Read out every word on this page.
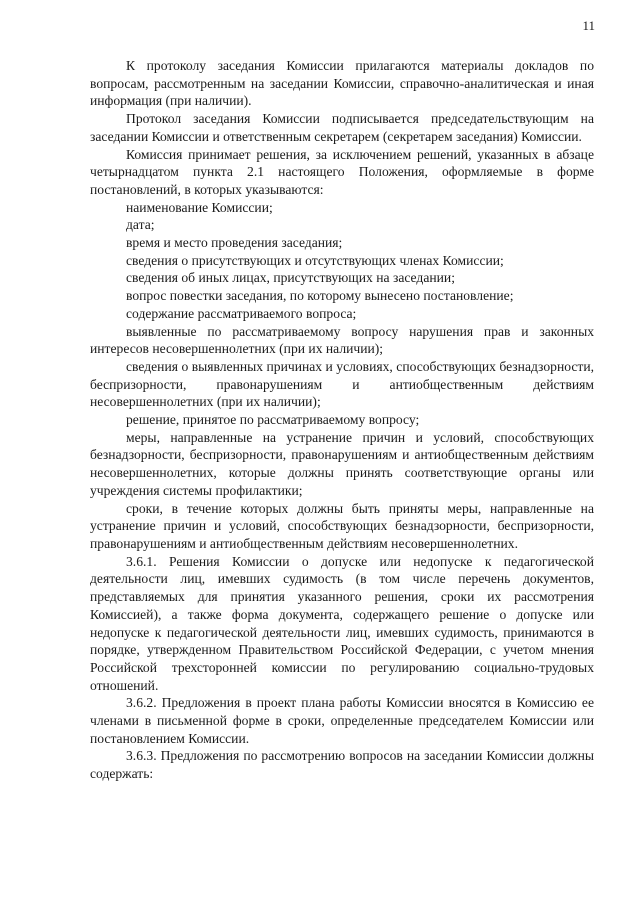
11

К протоколу заседания Комиссии прилагаются материалы докладов по вопросам, рассмотренным на заседании Комиссии, справочно-аналитическая и иная информация (при наличии).

Протокол заседания Комиссии подписывается председательствующим на заседании Комиссии и ответственным секретарем (секретарем заседания) Комиссии.

Комиссия принимает решения, за исключением решений, указанных в абзаце четырнадцатом пункта 2.1 настоящего Положения, оформляемые в форме постановлений, в которых указываются:

наименование Комиссии;

дата;

время и место проведения заседания;

сведения о присутствующих и отсутствующих членах Комиссии;

сведения об иных лицах, присутствующих на заседании;

вопрос повестки заседания, по которому вынесено постановление;

содержание рассматриваемого вопроса;

выявленные по рассматриваемому вопросу нарушения прав и законных интересов несовершеннолетних (при их наличии);

сведения о выявленных причинах и условиях, способствующих безнадзорности, беспризорности, правонарушениям и антиобщественным действиям несовершеннолетних (при их наличии);

решение, принятое по рассматриваемому вопросу;

меры, направленные на устранение причин и условий, способствующих безнадзорности, беспризорности, правонарушениям и антиобщественным действиям несовершеннолетних, которые должны принять соответствующие органы или учреждения системы профилактики;

сроки, в течение которых должны быть приняты меры, направленные на устранение причин и условий, способствующих безнадзорности, беспризорности, правонарушениям и антиобщественным действиям несовершеннолетних.

3.6.1. Решения Комиссии о допуске или недопуске к педагогической деятельности лиц, имевших судимость (в том числе перечень документов, представляемых для принятия указанного решения, сроки их рассмотрения Комиссией), а также форма документа, содержащего решение о допуске или недопуске к педагогической деятельности лиц, имевших судимость, принимаются в порядке, утвержденном Правительством Российской Федерации, с учетом мнения Российской трехсторонней комиссии по регулированию социально-трудовых отношений.

3.6.2. Предложения в проект плана работы Комиссии вносятся в Комиссию ее членами в письменной форме в сроки, определенные председателем Комиссии или постановлением Комиссии.

3.6.3. Предложения по рассмотрению вопросов на заседании Комиссии должны содержать:
